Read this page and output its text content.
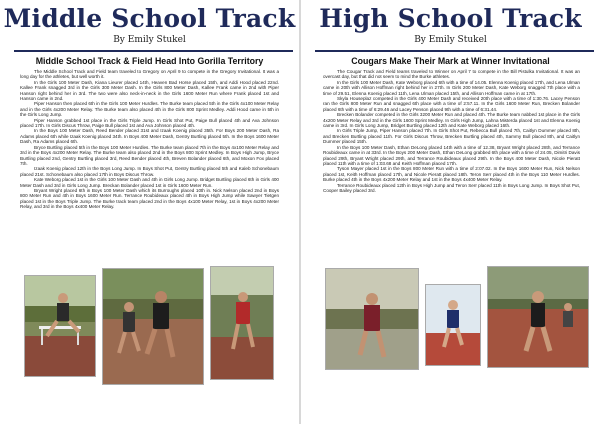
Middle School Track
By Emily Stukel
Middle School Track & Field Head Into Gorilla Territory

The Middle School Track and Field team traveled to Gregory on April 9 to compete in the Gregory Invitational. It was a long day for the athletes, but well worth it.

In the Girls 100 Meter Dash, Kiana Lieurer placed 14th, Heaven Bad Horse placed 15th, and Addi Hood placed 22nd. Kallee Frank snagged 3rd in the Girls 300 Meter Dash. In the Girls 800 Meter Dash, Kallee Frank came in 2nd with Piper Hanson right behind her in 3rd. The two were also neck-in-neck in the Girls 1600 Meter Run where Frank placed 1st and Hanson came in 2nd.

Piper Hanson then placed 6th in the Girls 100 Meter Hurdles. The Burke team placed 5th in the Girls 4x100 Meter Relay and in the Girls 4x200 Meter Relay. The Burke team also placed 4th in the Girls 800 Sprint Medley. Addi Hood came in 5th in the Girls Long Jump.

Piper Hanson grabbed 1st place in the Girls Triple Jump. In Girls Shot Put, Paige Bull placed 4th and Ava Johnson placed 17th. In Girls Discus Throw, Paige Bull placed 1st and Ava Johnson placed 4th.

In the Boys 100 Meter Dash, Reed Bender placed 31st and Izaak Koenig placed 35th. For Boys 200 Meter Dash, Ra Adams placed 6th while Izaak Koenig placed 34th. In Boys 400 Meter Dash, Gentry Burtling placed 5th. In the Boys 1600 Meter Dash, Ra Adams placed 6th.

Bryce Burtling placed 5th in the Boys 100 Meter Hurdles. The Burke team placed 7th in the Boys 4x100 Meter Relay and 3rd in the Boys 4x200 Meter Relay. The Burke team also placed 2nd in the Boys 800 Sprint Medley. In Boys High Jump, Bryce Burtling placed 2nd, Gentry Burtling placed 3rd, Reed Bender placed 4th, Breven Bolander placed 6th, and Moxon Fox placed 7th.

Izaak Koenig placed 12th in the Boys Long Jump. In Boys Shot Put, Gentry Burtling placed 5th and Kaleb Schonebaum placed 21st. Schonebaum also placed 17th in Boys Discus Throw.

Kate Weborg placed 1st in the Girls 100 Meter Dash and 4th in Girls Long Jump. Bridget Burtling placed 6th in Girls 400 Meter Dash and 3rd in Girls Long Jump. Breckan Bolander placed 1st in Girls 1600 Meter Run.

Bryant Wright placed 6th in Boys 100 Meter Dash which its Burroughs placed 10th in. Nick Nelson placed 2nd in Boys 800 Meter Run and 4th in Boys 1600 Meter Run. Terrance Roubideaux placed 4th in Boys High Jump while Sawyer Tietgen placed 1st in the Boys Triple Jump. The Burke track team placed 2nd in the Boys 4x100 Meter Relay, 1st in Boys 4x200 Meter Relay, and 3rd in the Boys 4x400 Meter Relay.

High School Track
By Emily Stukel
Cougars Make Their Mark at Winner Invitational

The Cougar Track and Field teams traveled to Winner on April 7 to compete in the Bill Pistulka Invitational. It was an overcast day, but that did not seem to mind the Burke athletes.

In the Girls 100 Meter Dash, Kate Weborg placed 6th with a time of 14.05. Elenna Koenig placed 17th, and Lena Ulman came in 20th with Allison Hoffman right behind her in 27th. In Girls 200 Meter Dash, Kate Weborg snagged 7th place with a time of 29.51, Elenna Koenig placed 11th, Lena Ulman placed 15th, and Allison Hoffman came in at 17th.

Skyla Houseplaz competed in the Girls 400 Meter Dash and received 20th place with a time of 1:30.76. Lacey Penson ran the Girls 800 Meter Run and snagged 6th place with a time of 2:57.11. In the Girls 1600 Meter Run, Brecken Bolander placed 6th with a time of 6:29.46 and Lacey Penson placed 9th with a time of 6:31.44.

Brecken Bolander competed in the Girls 3200 Meter Run and placed 4th. The Burke team nabbed 1st place in the Girls 4x200 Meter Relay and 3rd in the Girls 1600 Sprint Medley. In Girls High Jump, Lahna Misterda placed 1st and Elenna Koenig came in 3rd. In Girls Long Jump, Bridget Burtling placed 12th and Kate Weborg placed 16th.

In Girls Triple Jump, Piper Hanson placed 7th. In Girls Shot Put, Rebecca Bull placed 7th, Caitlyn Dummer placed 8th, and Brecken Burtling placed 11th. For Girls Discus Throw, Brecken Burtling placed 4th, Sammy Bull placed 8th, and Caitlyn Dummer placed 15th.

In the Boys 100 Meter Dash, Ethan DeLong placed 14th with a time of 12.38, Bryant Wright placed 28th, and Terrance Roubideaux came in at 33rd. In the Boys 200 Meter Dash, Ethan DeLong grabbed 6th place with a time of 24.05, Dimitri Davis placed 29th, Bryant Wright placed 29th, and Terrance Roubideaux placed 29th. In the Boys 400 Meter Dash, Nicole Pieratt placed 11th with a time of 1:03.68 and Keith Hoffman placed 17th.

Tyson Mayer placed 1st in the Boys 800 Meter Run with a time of 2:07.02. In the Boys 1600 Meter Run, Nick Nelson placed 1st, Keith Hoffman placed 17th, and Nicole Pieratt placed 18th. Teron Serr placed 4th in the Boys 110 Meter Hurdles. Burke placed 4th in the Boys 4x200 Meter Relay and 1st in the Boys 4x400 Meter Relay.

Terrance Roubideaux placed 12th in Boys High Jump and Teron Serr placed 11th in Boys Long Jump. In Boys Shot Put, Cooper Bailey placed 3rd.
